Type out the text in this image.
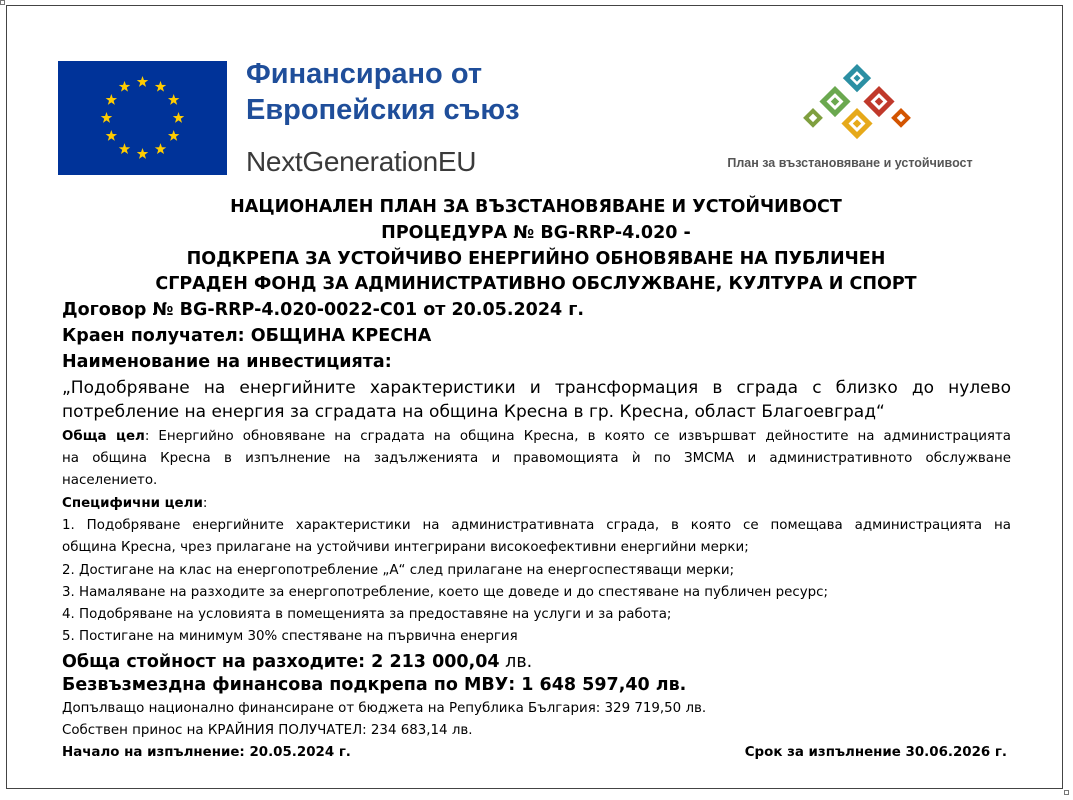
Финансирано от
Европейския съюз
NextGenerationEU	План за възстановяване и устойчивост
НАЦИОНАЛЕН ПЛАН ЗА ВЪЗСТАНОВЯВАНЕ И УСТОЙЧИВОСТ
ПРОЦЕДУРА № BG-RRP-4.020 -
ПОДКРЕПА ЗА УСТОЙЧИВО ЕНЕРГИЙНО ОБНОВЯВАНЕ НА ПУБЛИЧЕН
СГРАДЕН ФОНД ЗА АДМИНИСТРАТИВНО ОБСЛУЖВАНЕ, КУЛТУРА И СПОРТ
Договор № BG-RRP-4.020-0022-C01 от 20.05.2024 г.
Краен получател: ОБЩИНА КРЕСНА
Наименование на инвестицията:
„Подобряване на енергийните характеристики и трансформация в сграда с близко до нулево
потребление на енергия за сградата на община Кресна в гр. Кресна, област Благоевград“
Обща цел: Енергийно обновяване на сградата на община Кресна, в която се извършват дейностите на администрацията
на община Кресна в изпълнение на задълженията и правомощията ѝ по ЗМСМА и административното обслужване
населението.
Специфични цели:
1. Подобряване енергийните характеристики на административната сграда, в която се помещава администрацията на
община Кресна, чрез прилагане на устойчиви интегрирани високоефективни енергийни мерки;
2. Достигане на клас на енергопотребление „А“ след прилагане на енергоспестяващи мерки;
3. Намаляване на разходите за енергопотребление, което ще доведе и до спестяване на публичен ресурс;
4. Подобряване на условията в помещенията за предоставяне на услуги и за работа;
5. Постигане на минимум 30% спестяване на първична енергия
Обща стойност на разходите: 2 213 000,04 лв.
Безвъзмездна финансова подкрепа по МВУ: 1 648 597,40 лв.
Допълващо национално финансиране от бюджета на Република България: 329 719,50 лв.
Собствен принос на КРАЙНИЯ ПОЛУЧАТЕЛ: 234 683,14 лв.
Начало на изпълнение: 20.05.2024 г.	Срок за изпълнение 30.06.2026 г.
